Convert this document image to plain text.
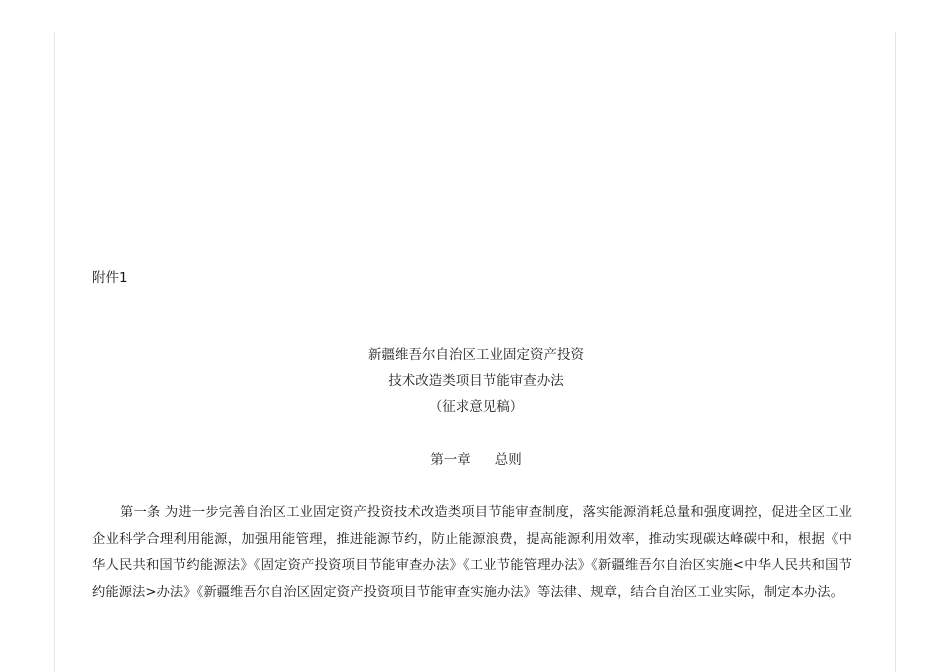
附件1

新疆维吾尔自治区工业固定资产投资
技术改造类项目节能审查办法
（征求意见稿）
第一章 总则

第一条 为进一步完善自治区工业固定资产投资技术改造类项目节能审查制度，落实能源消耗总量和强度调控，促进全区工业企业科学合理利用能源，加强用能管理，推进能源节约，防止能源浪费，提高能源利用效率，推动实现碳达峰碳中和，根据《中华人民共和国节约能源法》《固定资产投资项目节能审查办法》《工业节能管理办法》《新疆维吾尔自治区实施<中华人民共和国节约能源法>办法》《新疆维吾尔自治区固定资产投资项目节能审查实施办法》等法律、规章，结合自治区工业实际，制定本办法。
